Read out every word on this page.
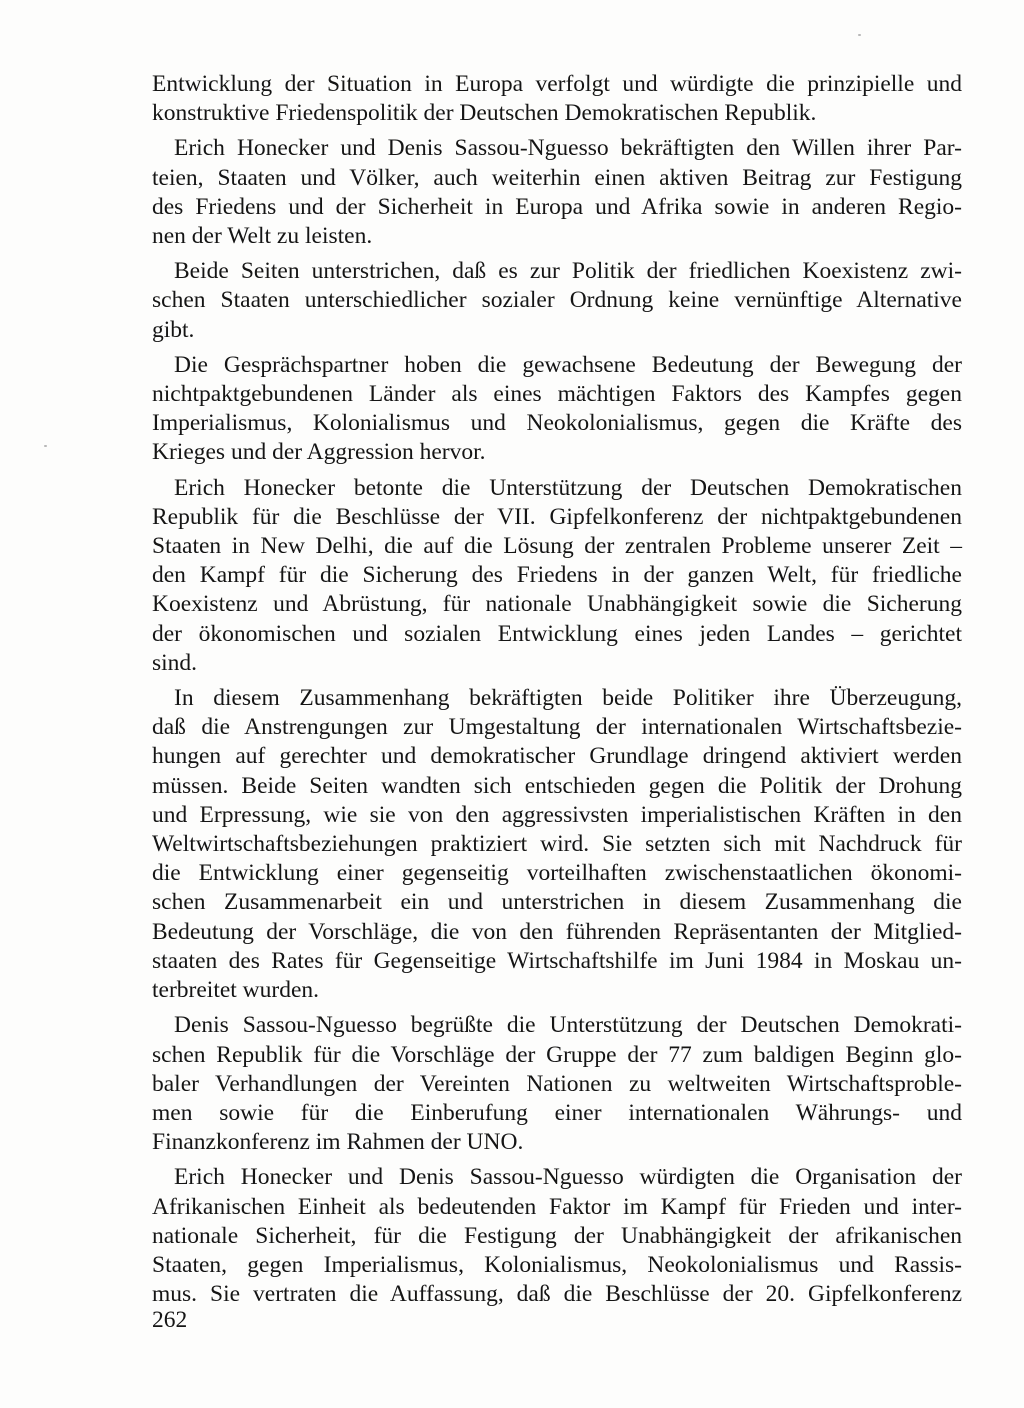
Entwicklung der Situation in Europa verfolgt und würdigte die prinzipielle und
konstruktive Friedenspolitik der Deutschen Demokratischen Republik.
Erich Honecker und Denis Sassou-Nguesso bekräftigten den Willen ihrer Par-
teien, Staaten und Völker, auch weiterhin einen aktiven Beitrag zur Festigung
des Friedens und der Sicherheit in Europa und Afrika sowie in anderen Regio-
nen der Welt zu leisten.
Beide Seiten unterstrichen, daß es zur Politik der friedlichen Koexistenz zwi-
schen Staaten unterschiedlicher sozialer Ordnung keine vernünftige Alternative
gibt.
Die Gesprächspartner hoben die gewachsene Bedeutung der Bewegung der
nichtpaktgebundenen Länder als eines mächtigen Faktors des Kampfes gegen
Imperialismus, Kolonialismus und Neokolonialismus, gegen die Kräfte des
Krieges und der Aggression hervor.
Erich Honecker betonte die Unterstützung der Deutschen Demokratischen
Republik für die Beschlüsse der VII. Gipfelkonferenz der nichtpaktgebundenen
Staaten in New Delhi, die auf die Lösung der zentralen Probleme unserer Zeit –
den Kampf für die Sicherung des Friedens in der ganzen Welt, für friedliche
Koexistenz und Abrüstung, für nationale Unabhängigkeit sowie die Sicherung
der ökonomischen und sozialen Entwicklung eines jeden Landes – gerichtet
sind.
In diesem Zusammenhang bekräftigten beide Politiker ihre Überzeugung,
daß die Anstrengungen zur Umgestaltung der internationalen Wirtschaftsbezie-
hungen auf gerechter und demokratischer Grundlage dringend aktiviert werden
müssen. Beide Seiten wandten sich entschieden gegen die Politik der Drohung
und Erpressung, wie sie von den aggressivsten imperialistischen Kräften in den
Weltwirtschaftsbeziehungen praktiziert wird. Sie setzten sich mit Nachdruck für
die Entwicklung einer gegenseitig vorteilhaften zwischenstaatlichen ökonomi-
schen Zusammenarbeit ein und unterstrichen in diesem Zusammenhang die
Bedeutung der Vorschläge, die von den führenden Repräsentanten der Mitglied-
staaten des Rates für Gegenseitige Wirtschaftshilfe im Juni 1984 in Moskau un-
terbreitet wurden.
Denis Sassou-Nguesso begrüßte die Unterstützung der Deutschen Demokrati-
schen Republik für die Vorschläge der Gruppe der 77 zum baldigen Beginn glo-
baler Verhandlungen der Vereinten Nationen zu weltweiten Wirtschaftsproble-
men sowie für die Einberufung einer internationalen Währungs- und
Finanzkonferenz im Rahmen der UNO.
Erich Honecker und Denis Sassou-Nguesso würdigten die Organisation der
Afrikanischen Einheit als bedeutenden Faktor im Kampf für Frieden und inter-
nationale Sicherheit, für die Festigung der Unabhängigkeit der afrikanischen
Staaten, gegen Imperialismus, Kolonialismus, Neokolonialismus und Rassis-
mus. Sie vertraten die Auffassung, daß die Beschlüsse der 20. Gipfelkonferenz
262
